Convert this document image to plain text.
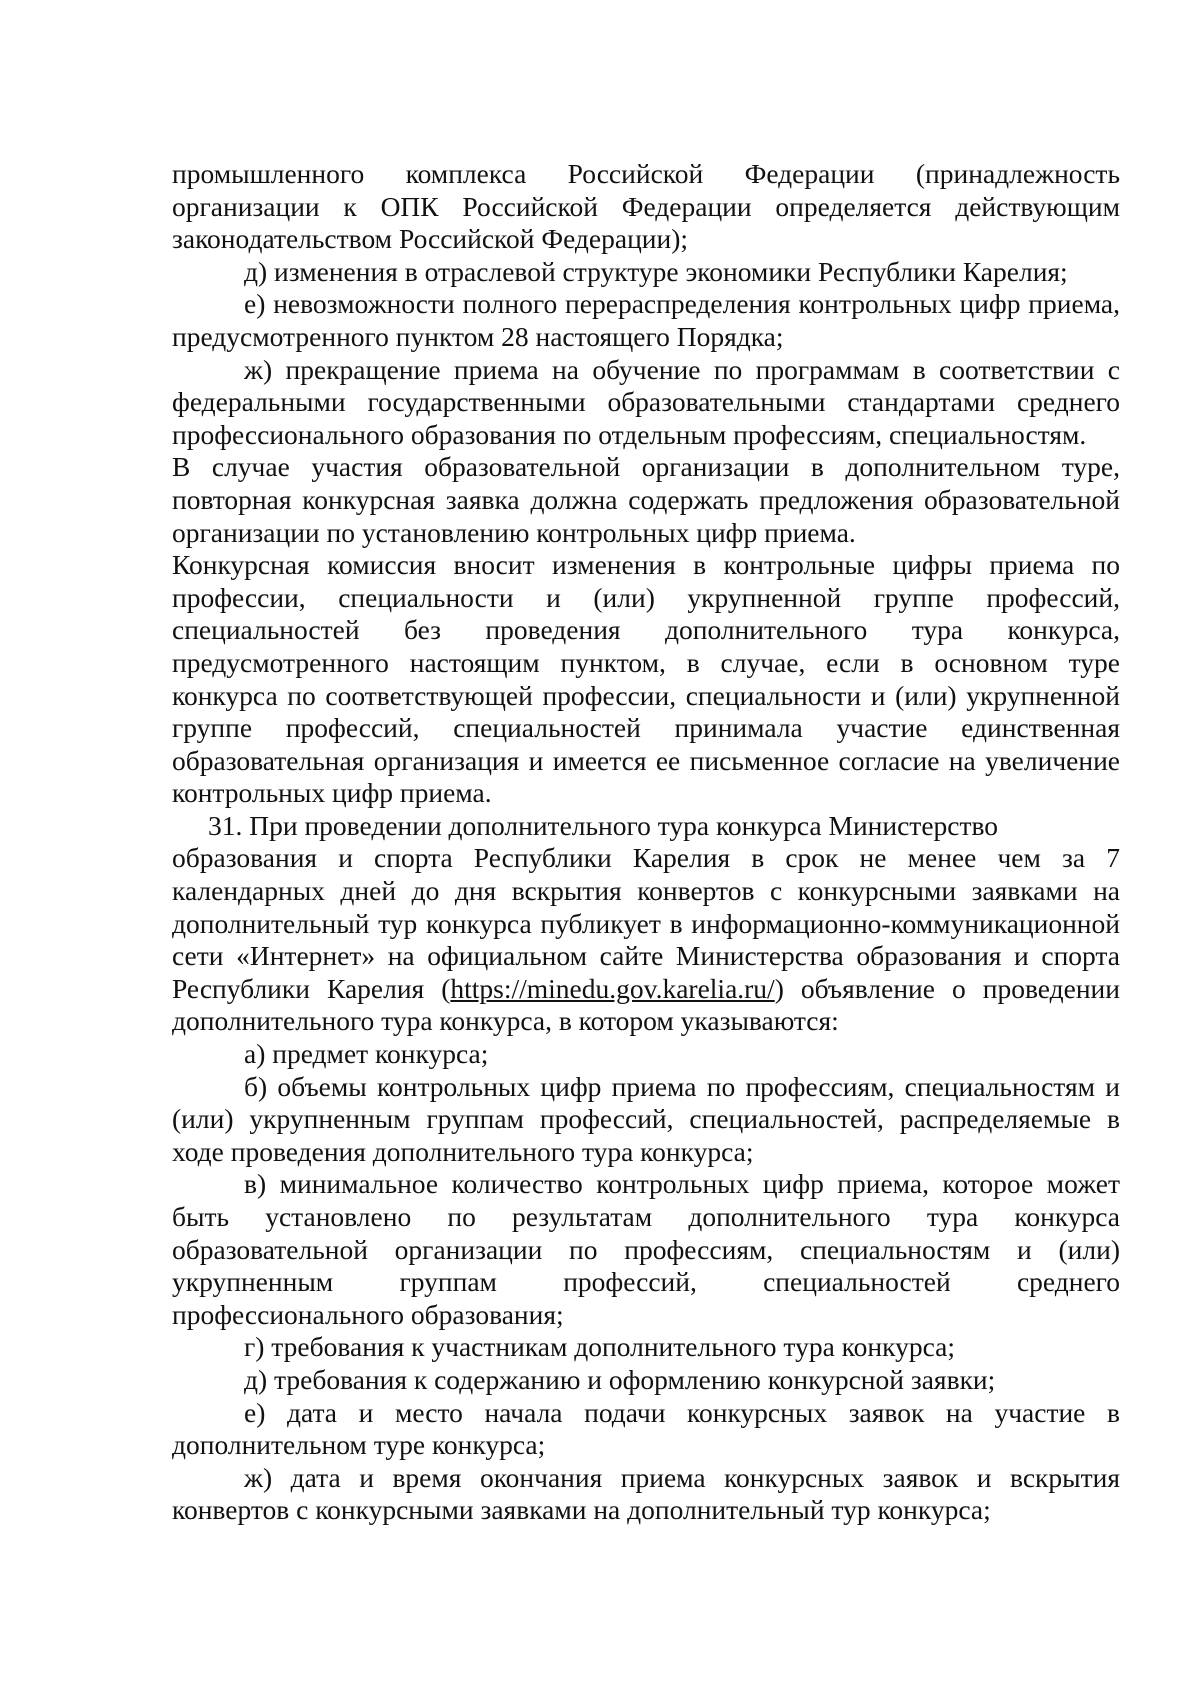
промышленного комплекса Российской Федерации (принадлежность организации к ОПК Российской Федерации определяется действующим законодательством Российской Федерации);

д) изменения в отраслевой структуре экономики Республики Карелия;

е) невозможности полного перераспределения контрольных цифр приема, предусмотренного пунктом 28 настоящего Порядка;

ж) прекращение приема на обучение по программам в соответствии с федеральными государственными образовательными стандартами среднего профессионального образования по отдельным профессиям, специальностям.

В случае участия образовательной организации в дополнительном туре, повторная конкурсная заявка должна содержать предложения образовательной организации по установлению контрольных цифр приема.

Конкурсная комиссия вносит изменения в контрольные цифры приема по профессии, специальности и (или) укрупненной группе профессий, специальностей без проведения дополнительного тура конкурса, предусмотренного настоящим пунктом, в случае, если в основном туре конкурса по соответствующей профессии, специальности и (или) укрупненной группе профессий, специальностей принимала участие единственная образовательная организация и имеется ее письменное согласие на увеличение контрольных цифр приема.

31. При проведении дополнительного тура конкурса Министерство

образования и спорта Республики Карелия в срок не менее чем за 7 календарных дней до дня вскрытия конвертов с конкурсными заявками на дополнительный тур конкурса публикует в информационно-коммуникационной сети «Интернет» на официальном сайте Министерства образования и спорта Республики Карелия (https://minedu.gov.karelia.ru/) объявление о проведении дополнительного тура конкурса, в котором указываются:

а) предмет конкурса;

б) объемы контрольных цифр приема по профессиям, специальностям и (или) укрупненным группам профессий, специальностей, распределяемые в ходе проведения дополнительного тура конкурса;

в) минимальное количество контрольных цифр приема, которое может быть установлено по результатам дополнительного тура конкурса образовательной организации по профессиям, специальностям и (или) укрупненным группам профессий, специальностей среднего профессионального образования;

г) требования к участникам дополнительного тура конкурса;

д) требования к содержанию и оформлению конкурсной заявки;

е) дата и место начала подачи конкурсных заявок на участие в дополнительном туре конкурса;

ж) дата и время окончания приема конкурсных заявок и вскрытия конвертов с конкурсными заявками на дополнительный тур конкурса;
